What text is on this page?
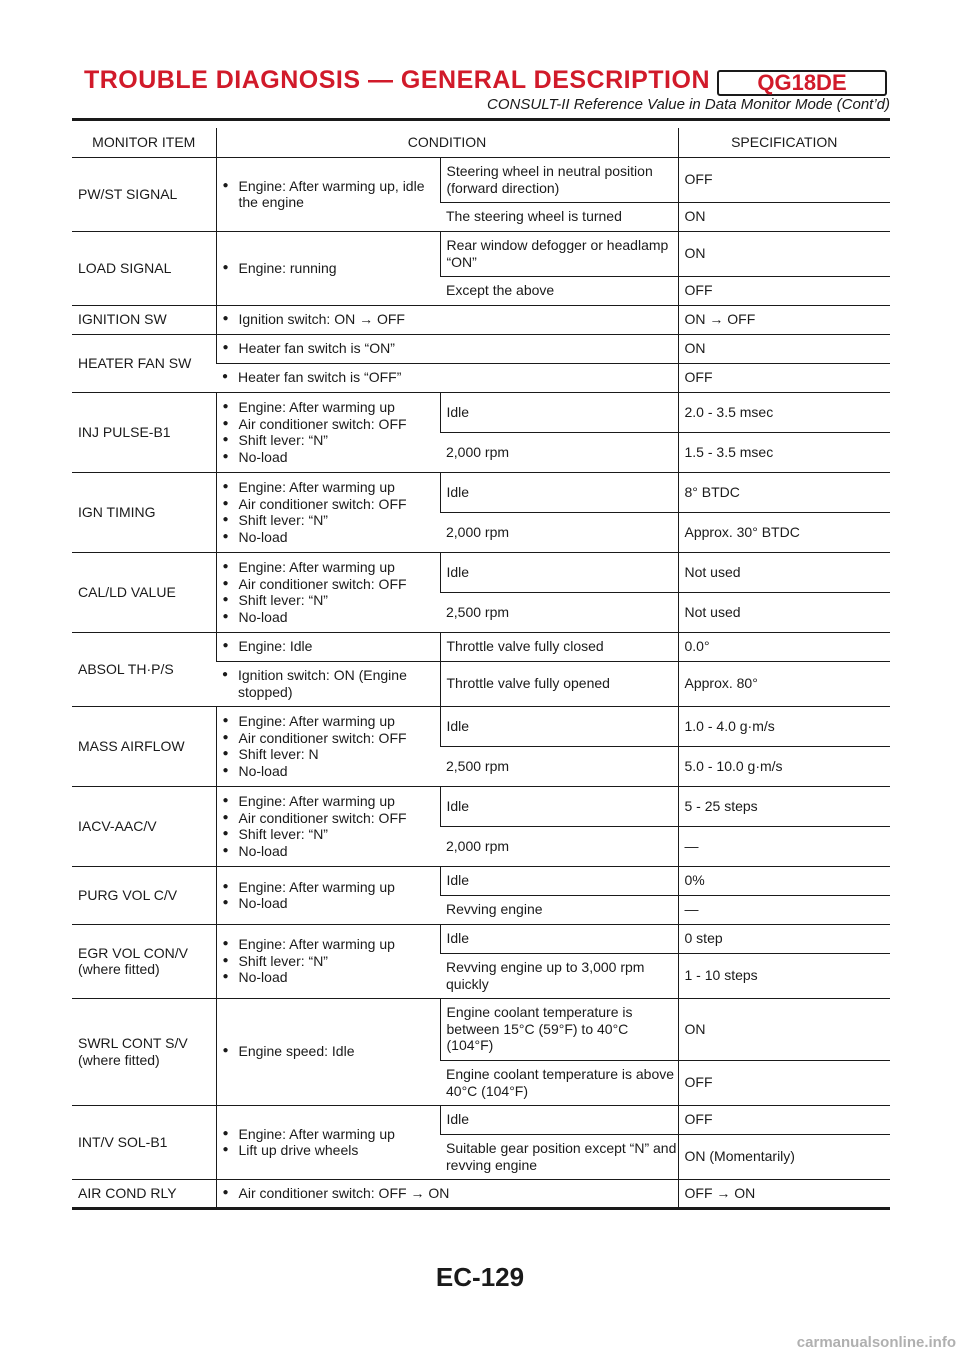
TROUBLE DIAGNOSIS — GENERAL DESCRIPTION	QG18DE
CONSULT-II Reference Value in Data Monitor Mode (Cont’d)
MONITOR ITEM	CONDITION		SPECIFICATION
PW/ST SIGNAL	● Engine: After warming up, idle the engine	Steering wheel in neutral position (forward direction)	OFF
		The steering wheel is turned	ON
LOAD SIGNAL	● Engine: running	Rear window defogger or headlamp “ON”	ON
		Except the above	OFF
IGNITION SW	● Ignition switch: ON → OFF		ON → OFF
HEATER FAN SW	● Heater fan switch is “ON”		ON

	● Heater fan switch is “OFF”		OFF
INJ PULSE-B1	● Engine: After warming up
● Air conditioner switch: OFF
● Shift lever: “N”
● No-load	Idle	2.0 - 3.5 msec
		2,000 rpm	1.5 - 3.5 msec
IGN TIMING	● Engine: After warming up
● Air conditioner switch: OFF
● Shift lever: “N”
● No-load	Idle	8° BTDC
		2,000 rpm	Approx. 30° BTDC
CAL/LD VALUE	● Engine: After warming up
● Air conditioner switch: OFF
● Shift lever: “N”
● No-load	Idle	Not used
		2,500 rpm	Not used
ABSOL TH·P/S	● Engine: Idle	Throttle valve fully closed	0.0°

	● Ignition switch: ON (Engine stopped)	Throttle valve fully opened	Approx. 80°
MASS AIRFLOW	● Engine: After warming up
● Air conditioner switch: OFF
● Shift lever: N
● No-load	Idle	1.0 - 4.0 g·m/s
		2,500 rpm	5.0 - 10.0 g·m/s
IACV-AAC/V	● Engine: After warming up
● Air conditioner switch: OFF
● Shift lever: “N”
● No-load	Idle	5 - 25 steps
		2,000 rpm	—
PURG VOL C/V	● Engine: After warming up
● No-load	Idle	0%
		Revving engine	—

EGR VOL CON/V
(where fitted)	● Engine: After warming up
● Shift lever: “N”
● No-load	Idle	0 step
		Revving engine up to 3,000 rpm quickly	1 - 10 steps

SWRL CONT S/V
(where fitted)	● Engine speed: Idle	Engine coolant temperature is between 15°C (59°F) to 40°C (104°F)	ON
		Engine coolant temperature is above 40°C (104°F)	OFF
INT/V SOL-B1	● Engine: After warming up
● Lift up drive wheels	Idle	OFF
		Suitable gear position except “N” and revving engine	ON (Momentarily)
AIR COND RLY	● Air conditioner switch: OFF → ON		OFF → ON
EC-129
carmanualsonline.info
